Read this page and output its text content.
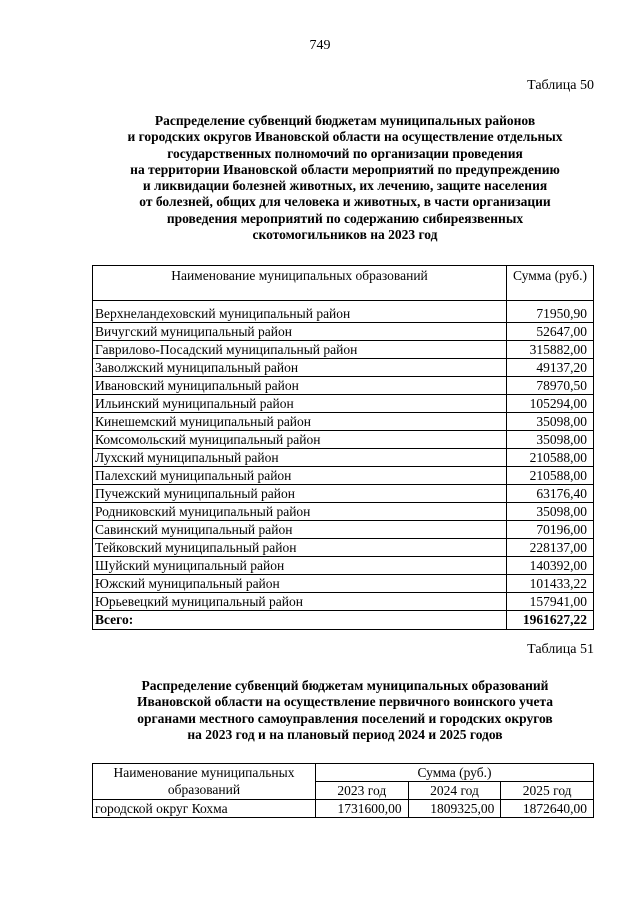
749
Таблица 50
Распределение субвенций бюджетам муниципальных районов
и городских округов Ивановской области на осуществление отдельных
государственных полномочий по организации проведения
на территории Ивановской области мероприятий по предупреждению
и ликвидации болезней животных, их лечению, защите населения
от болезней, общих для человека и животных, в части организации
проведения мероприятий по содержанию сибиреязвенных
скотомогильников на 2023 год
Наименование муниципальных образований	Сумма (руб.)

Верхнеландеховский муниципальный район	71950,90
Вичугский муниципальный район	52647,00
Гаврилово-Посадский муниципальный район	315882,00
Заволжский муниципальный район	49137,20
Ивановский муниципальный район	78970,50
Ильинский муниципальный район	105294,00
Кинешемский муниципальный район	35098,00
Комсомольский муниципальный район	35098,00
Лухский муниципальный район	210588,00
Палехский муниципальный район	210588,00
Пучежский муниципальный район	63176,40
Родниковский муниципальный район	35098,00
Савинский муниципальный район	70196,00
Тейковский муниципальный район	228137,00
Шуйский муниципальный район	140392,00
Южский муниципальный район	101433,22
Юрьевецкий муниципальный район	157941,00
Всего:	1961627,22
Таблица 51
Распределение субвенций бюджетам муниципальных образований
Ивановской области на осуществление первичного воинского учета
органами местного самоуправления поселений и городских округов
на 2023 год и на плановый период 2024 и 2025 годов
Наименование муниципальных
образований	Сумма (руб.)		
	2023 год	2024 год	2025 год
городской округ Кохма	1731600,00	1809325,00	1872640,00
